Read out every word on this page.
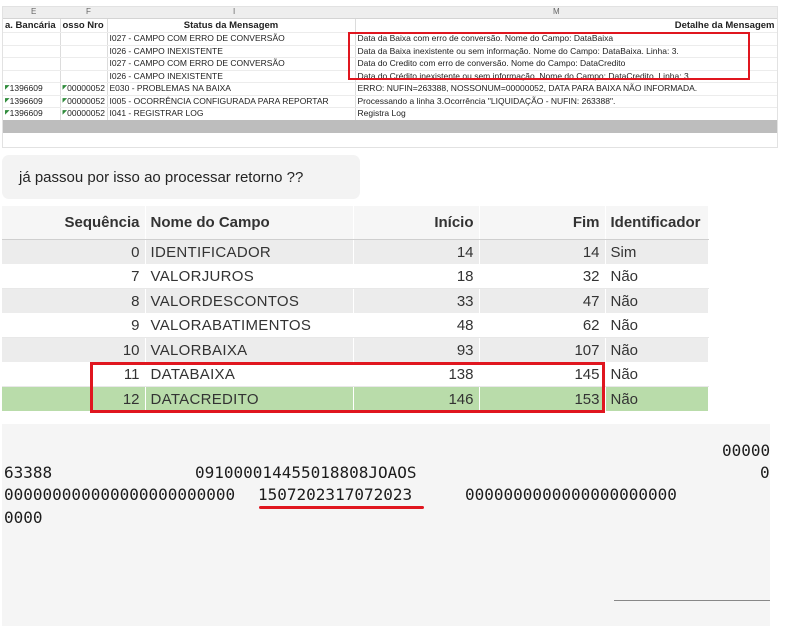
E	F	I	M
a. Bancária	osso Nro	Status da Mensagem		Detalhe da Mensagem
		I027 - CAMPO COM ERRO DE CONVERSÃO		Data da Baixa com erro de conversão. Nome do Campo: DataBaixa
		I026 - CAMPO INEXISTENTE		Data da Baixa inexistente ou sem informação. Nome do Campo: DataBaixa. Linha: 3.
		I027 - CAMPO COM ERRO DE CONVERSÃO		Data do Credito com erro de conversão. Nome do Campo: DataCredito
		I026 - CAMPO INEXISTENTE		Data do Crédito inexistente ou sem informação. Nome do Campo: DataCredito. Linha: 3.
◤1396609	◤00000052	E030 - PROBLEMAS NA BAIXA		ERRO: NUFIN=263388, NOSSONUM=00000052, DATA PARA BAIXA NÃO INFORMADA.
◤1396609	◤00000052	I005 - OCORRÊNCIA CONFIGURADA PARA REPORTAR		Processando a linha 3.Ocorrência "LIQUIDAÇÃO - NUFIN: 263388".
◤1396609	◤00000052	I041 - REGISTRAR LOG		Registra Log
já passou por isso ao processar retorno ??
Sequência	Nome do Campo	Início	Fim	Identificador
0	IDENTIFICADOR	14	14	Sim
7	VALORJUROS	18	32	Não
8	VALORDESCONTOS	33	47	Não
9	VALORABATIMENTOS	48	62	Não
10	VALORBAIXA	93	107	Não
11	DATABAIXA	138	145	Não
12	DATACREDITO	146	153	Não
00000
63388	091000014455018808JOAOS	0
000000000000000000000000 1507202317072023	0000000000000000000000
0000
